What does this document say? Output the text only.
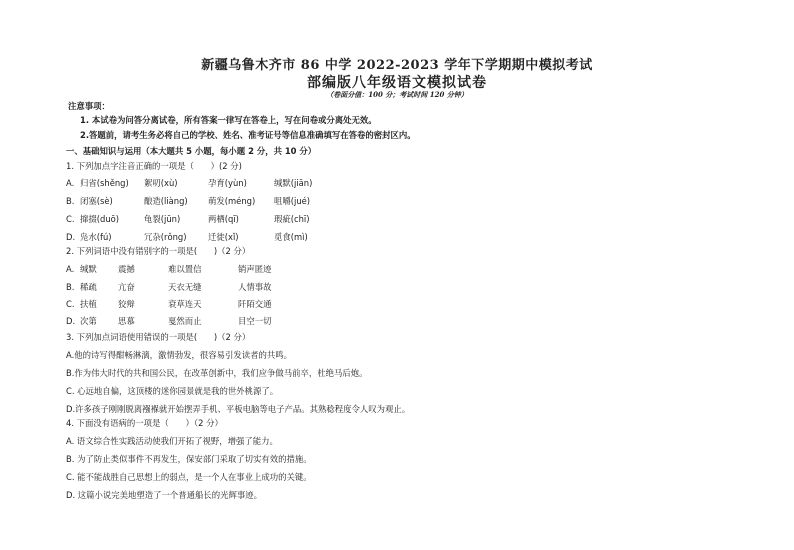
新疆乌鲁木齐市 86 中学 2022-2023 学年下学期期中模拟考试
部编版八年级语文模拟试卷
（卷面分值：100 分；考试时间 120 分钟）
注意事项：
1. 本试卷为问答分离试卷，所有答案一律写在答卷上，写在问卷或分离处无效。
2.答题前，请考生务必将自己的学校、姓名、准考证号等信息准确填写在答卷的密封区内。
一、基础知识与运用（本大题共 5 小题，每小题 2 分，共 10 分）
1. 下列加点字注音正确的一项是（　　）(2 分)
A. 归省(shěng) 絮叨(xù)	孕育(yùn)	缄默(jiān)
B. 闭塞(sè)	酿造(liàng) 萌发(méng) 咀嚼(jué)
C. 撺掇(duō)	龟裂(jūn)	两栖(qī)	瑕疵(chī)
D. 凫水(fú)	冗杂(rǒng)	迁徙(xǐ)	觅食(mì)
2. 下列词语中没有错别字的一项是(　　)（2 分）
A. 缄默	震撼	难以置信	销声匿迹
B. 稀疏	亢奋	天衣无缝	人情事故
C. 扶植	狡辩	衰草连天	阡陌交通
D. 次第	思慕	戛然而止	目空一切
3. 下列加点词语使用错误的一项是(　　)（2 分）
A.他的诗写得酣畅淋漓，激情勃发，很容易引发读者的共鸣。
B.作为伟大时代的共和国公民，在改革创新中，我们应争做马前卒，杜绝马后炮。
C. 心远地自偏，这顶楼的迷你园景就是我的世外桃源了。
D.许多孩子刚刚脱离襁褓就开始摆弄手机、平板电脑等电子产品。其熟稔程度令人叹为观止。
4. 下面没有语病的一项是（　　）（2 分）
A. 语文综合性实践活动使我们开拓了视野，增强了能力。
B. 为了防止类似事件不再发生，保安部门采取了切实有效的措施。
C. 能不能战胜自己思想上的弱点，是一个人在事业上成功的关键。
D. 这篇小说完美地塑造了一个普通船长的光辉事迹。
